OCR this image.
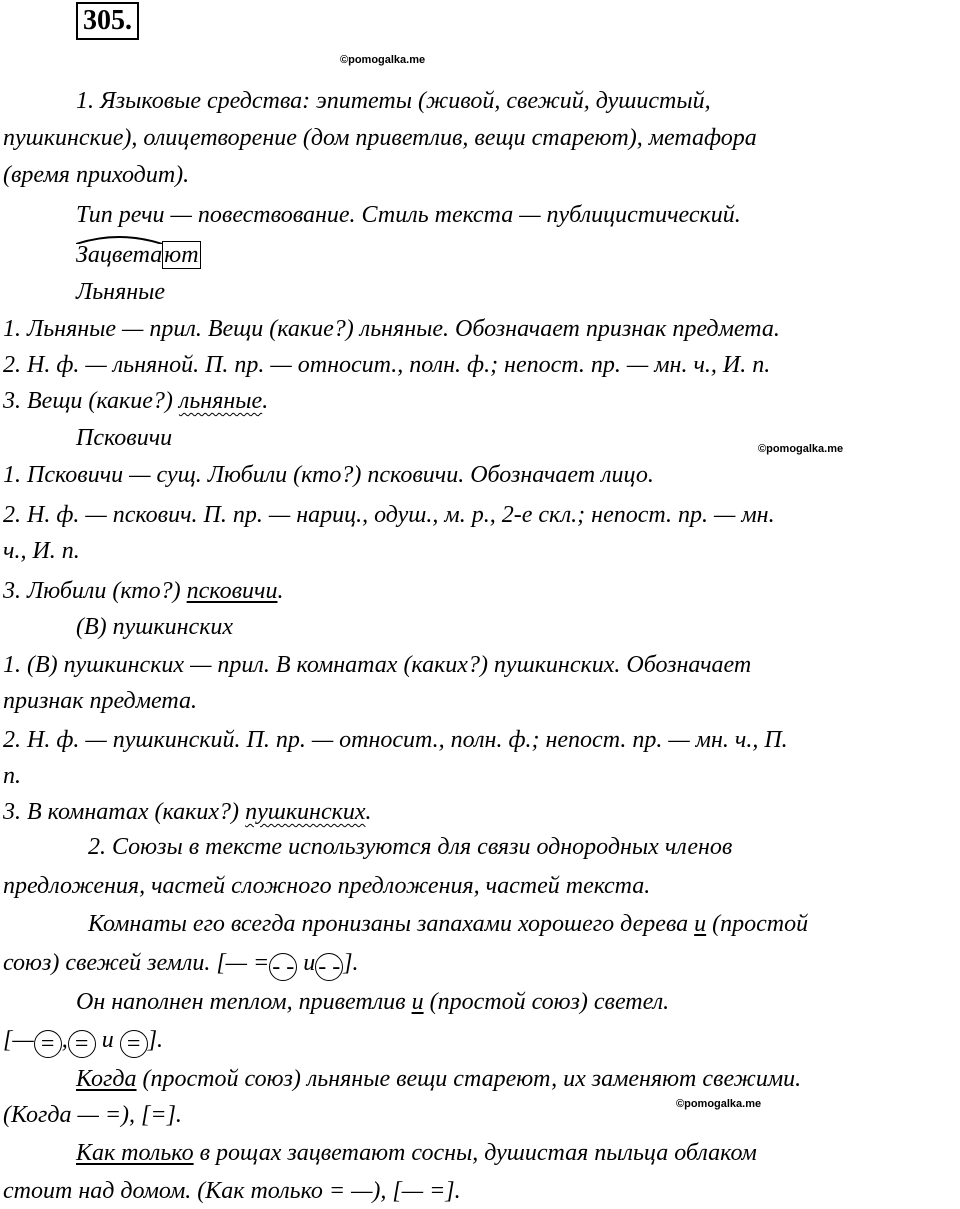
305.
©pomogalka.me
1. Языковые средства: эпитеты (живой, свежий, душистый,
пушкинские), олицетворение (дом приветлив, вещи стареют), метафора
(время приходит).
Тип речи — повествование. Стиль текста — публицистический.
Зацветают
Льняные
1. Льняные — прил. Вещи (какие?) льняные. Обозначает признак предмета.
2. Н. ф. — льняной. П. пр. — относит., полн. ф.; непост. пр. — мн. ч., И. п.
3. Вещи (какие?) льняные.
Псковичи	©pomogalka.me
1. Псковичи — сущ. Любили (кто?) псковичи. Обозначает лицо.
2. Н. ф. — пскович. П. пр. — нариц., одуш., м. р., 2-е скл.; непост. пр. — мн.
ч., И. п.
3. Любили (кто?) псковичи.
(В) пушкинских
1. (В) пушкинских — прил. В комнатах (каких?) пушкинских. Обозначает
признак предмета.
2. Н. ф. — пушкинский. П. пр. — относит., полн. ф.; непост. пр. — мн. ч., П.
п.
3. В комнатах (каких?) пушкинских.
2. Союзы в тексте используются для связи однородных членов
предложения, частей сложного предложения, частей текста.
Комнаты его всегда пронизаны запахами хорошего дерева и (простой
союз) свежей земли. [— = - - и - - ].
Он наполнен теплом, приветлив и (простой союз) светел.
[— = , = и = ].
Когда (простой союз) льняные вещи стареют, их заменяют свежими.
(Когда — =), [=].	©pomogalka.me
Как только в рощах зацветают сосны, душистая пыльца облаком
стоит над домом. (Как только = —), [— =].
